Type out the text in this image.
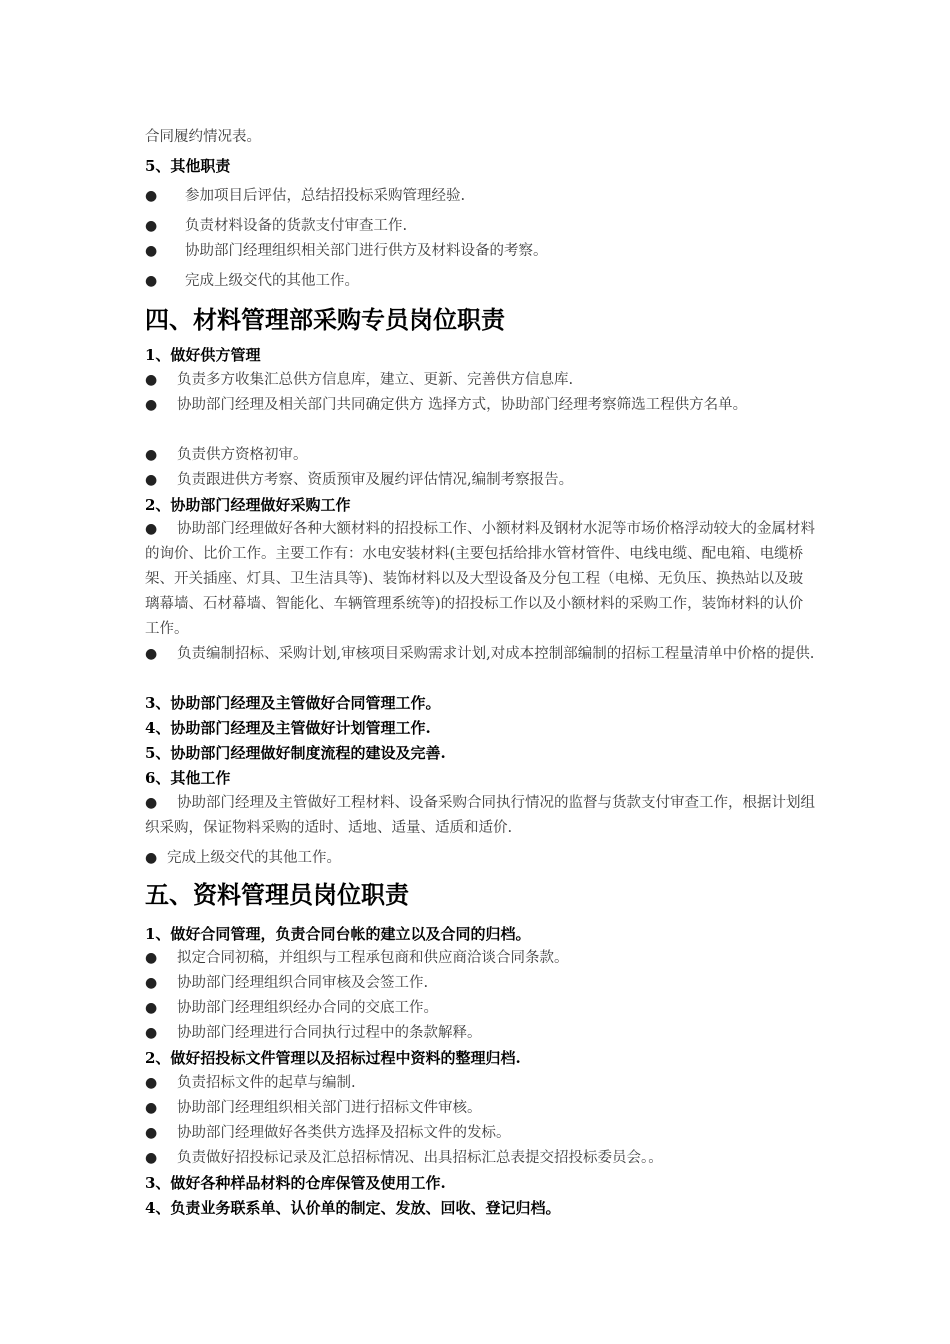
合同履约情况表。
5、其他职责
● 参加项目后评估，总结招投标采购管理经验.
● 负责材料设备的货款支付审查工作.
● 协助部门经理组织相关部门进行供方及材料设备的考察。
● 完成上级交代的其他工作。
四、材料管理部采购专员岗位职责
1、做好供方管理
● 负责多方收集汇总供方信息库，建立、更新、完善供方信息库.
● 协助部门经理及相关部门共同确定供方 选择方式，协助部门经理考察筛选工程供方名单。
● 负责供方资格初审。
● 负责跟进供方考察、资质预审及履约评估情况,编制考察报告。
2、协助部门经理做好采购工作
● 协助部门经理做好各种大额材料的招投标工作、小额材料及钢材水泥等市场价格浮动较大的金属材料的询价、比价工作。主要工作有：水电安装材料(主要包括给排水管材管件、电线电缆、配电箱、电缆桥架、开关插座、灯具、卫生洁具等)、装饰材料以及大型设备及分包工程（电梯、无负压、换热站以及玻璃幕墙、石材幕墙、智能化、车辆管理系统等)的招投标工作以及小额材料的采购工作，装饰材料的认价工作。
● 负责编制招标、采购计划,审核项目采购需求计划,对成本控制部编制的招标工程量清单中价格的提供.
3、协助部门经理及主管做好合同管理工作。
4、协助部门经理及主管做好计划管理工作.
5、协助部门经理做好制度流程的建设及完善.
6、其他工作
● 协助部门经理及主管做好工程材料、设备采购合同执行情况的监督与货款支付审查工作，根据计划组织采购，保证物料采购的适时、适地、适量、适质和适价.
● 完成上级交代的其他工作。
五、资料管理员岗位职责
1、做好合同管理，负责合同台帐的建立以及合同的归档。
● 拟定合同初稿，并组织与工程承包商和供应商洽谈合同条款。
● 协助部门经理组织合同审核及会签工作.
● 协助部门经理组织经办合同的交底工作。
● 协助部门经理进行合同执行过程中的条款解释。
2、做好招投标文件管理以及招标过程中资料的整理归档.
● 负责招标文件的起草与编制.
● 协助部门经理组织相关部门进行招标文件审核。
● 协助部门经理做好各类供方选择及招标文件的发标。
● 负责做好招投标记录及汇总招标情况、出具招标汇总表提交招投标委员会。。
3、做好各种样品材料的仓库保管及使用工作.
4、负责业务联系单、认价单的制定、发放、回收、登记归档。
